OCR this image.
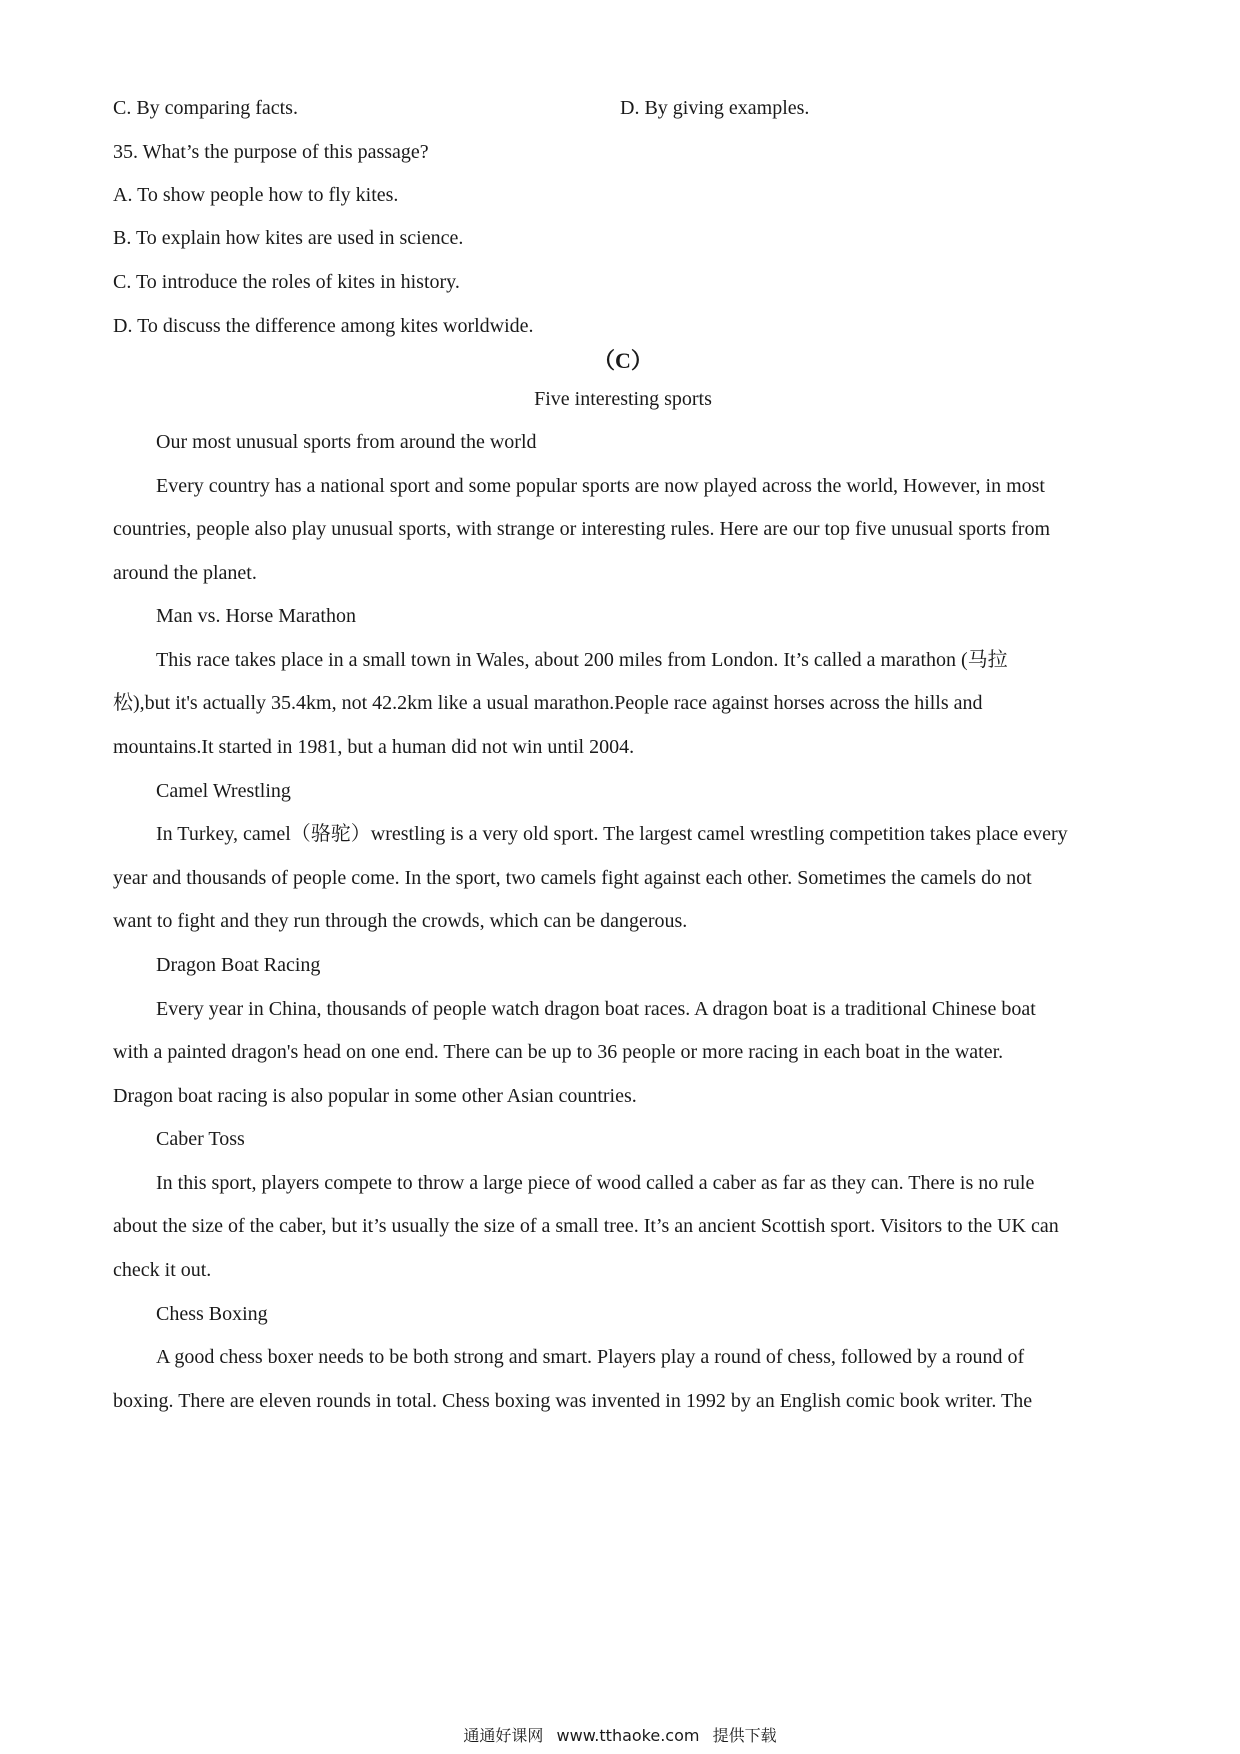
C. By comparing facts.	D. By giving examples.
35. What’s the purpose of this passage?
A. To show people how to fly kites.
B. To explain how kites are used in science.
C. To introduce the roles of kites in history.
D. To discuss the difference among kites worldwide.
（C）
Five interesting sports
Our most unusual sports from around the world
Every country has a national sport and some popular sports are now played across the world, However, in most
countries, people also play unusual sports, with strange or interesting rules. Here are our top five unusual sports from
around the planet.
Man vs. Horse Marathon
This race takes place in a small town in Wales, about 200 miles from London. It’s called a marathon (马拉
松),but it's actually 35.4km, not 42.2km like a usual marathon.People race against horses across the hills and
mountains.It started in 1981, but a human did not win until 2004.
Camel Wrestling
In Turkey, camel（骆驼）wrestling is a very old sport. The largest camel wrestling competition takes place every
year and thousands of people come. In the sport, two camels fight against each other. Sometimes the camels do not
want to fight and they run through the crowds, which can be dangerous.
Dragon Boat Racing
Every year in China, thousands of people watch dragon boat races. A dragon boat is a traditional Chinese boat
with a painted dragon's head on one end. There can be up to 36 people or more racing in each boat in the water.
Dragon boat racing is also popular in some other Asian countries.
Caber Toss
In this sport, players compete to throw a large piece of wood called a caber as far as they can. There is no rule
about the size of the caber, but it’s usually the size of a small tree. It’s an ancient Scottish sport. Visitors to the UK can
check it out.
Chess Boxing
A good chess boxer needs to be both strong and smart. Players play a round of chess, followed by a round of
boxing. There are eleven rounds in total. Chess boxing was invented in 1992 by an English comic book writer. The
通通好课网 www.tthaoke.com 提供下载
